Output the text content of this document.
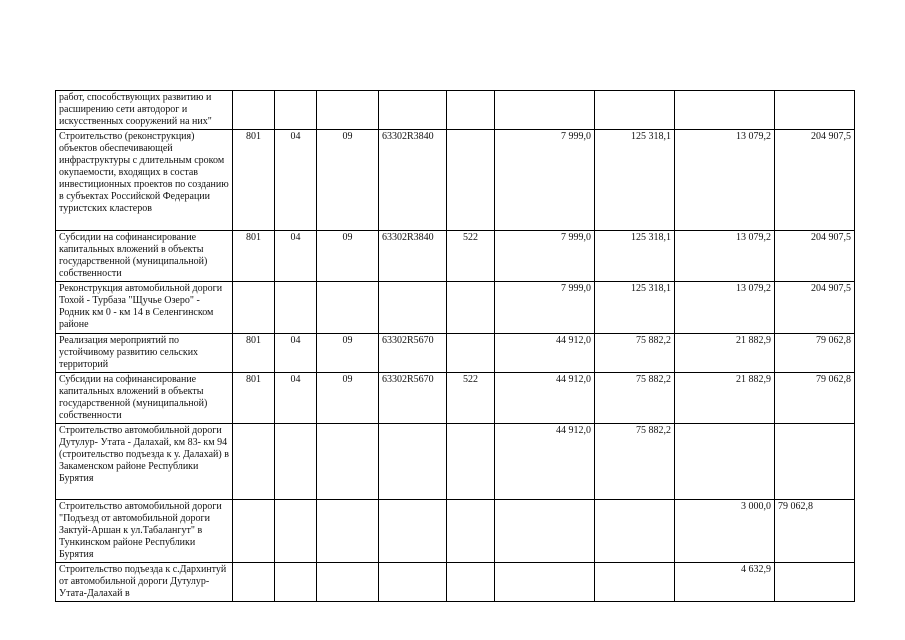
работ, способствующих развитию и расширению сети автодорог и искусственных сооружений на них"									
Строительство (реконструкция) объектов обеспечивающей инфраструктуры с длительным сроком окупаемости, входящих в состав инвестиционных проектов по созданию в субъектах Российской Федерации туристских кластеров	801	04	09	63302R3840		7 999,0	125 318,1	13 079,2	204 907,5
Субсидии на софинансирование капитальных вложений в объекты государственной (муниципальной) собственности	801	04	09	63302R3840	522	7 999,0	125 318,1	13 079,2	204 907,5
Реконструкция автомобильной дороги Тохой - Турбаза "Щучье Озеро" - Родник км 0 - км 14 в Селенгинском районе						7 999,0	125 318,1	13 079,2	204 907,5
Реализация мероприятий по устойчивому развитию сельских территорий	801	04	09	63302R5670		44 912,0	75 882,2	21 882,9	79 062,8
Субсидии на софинансирование капитальных вложений в объекты государственной (муниципальной) собственности	801	04	09	63302R5670	522	44 912,0	75 882,2	21 882,9	79 062,8
Строительство автомобильной дороги Дутулур- Утата - Далахай, км 83- км 94 (строительство подъезда к у. Далахай) в Закаменском районе Республики Бурятия						44 912,0	75 882,2		
Строительство автомобильной дороги "Подъезд от автомобильной дороги Зактуй-Аршан к ул.Табалангут" в Тункинском районе Республики Бурятия								3 000,0	79 062,8
Строительство подъезда к с.Дархинтуй от автомобильной дороги Дутулур-Утата-Далахай в								4 632,9	
